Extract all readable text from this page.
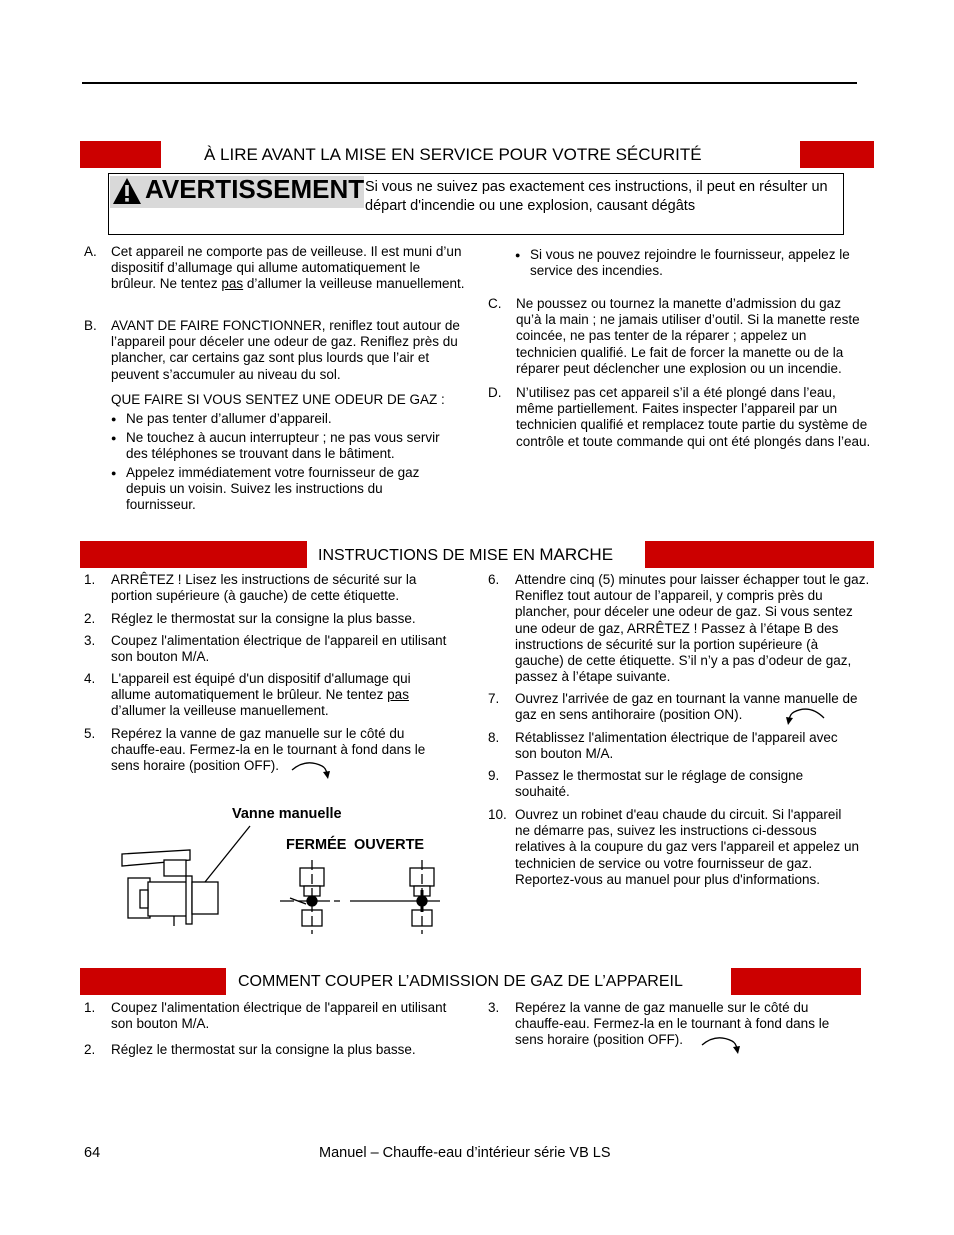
À LIRE AVANT LA MISE EN SERVICE POUR VOTRE SÉCURITÉ
AVERTISSEMENT Si vous ne suivez pas exactement ces instructions, il peut en résulter un départ d'incendie ou une explosion, causant dégâts
A. Cet appareil ne comporte pas de veilleuse. Il est muni d’un dispositif d’allumage qui allume automatiquement le brûleur. Ne tentez pas d’allumer la veilleuse manuellement.
B. AVANT DE FAIRE FONCTIONNER, reniflez tout autour de l’appareil pour déceler une odeur de gaz. Reniflez près du plancher, car certains gaz sont plus lourds que l’air et peuvent s’accumuler au niveau du sol.
QUE FAIRE SI VOUS SENTEZ UNE ODEUR DE GAZ :
● Ne pas tenter d’allumer d’appareil.
● Ne touchez à aucun interrupteur ; ne pas vous servir des téléphones se trouvant dans le bâtiment.
● Appelez immédiatement votre fournisseur de gaz depuis un voisin. Suivez les instructions du fournisseur.
● Si vous ne pouvez rejoindre le fournisseur, appelez le service des incendies.
C. Ne poussez ou tournez la manette d’admission du gaz qu’à la main ; ne jamais utiliser d’outil. Si la manette reste coincée, ne pas tenter de la réparer ; appelez un technicien qualifié. Le fait de forcer la manette ou de la réparer peut déclencher une explosion ou un incendie.
D. N’utilisez pas cet appareil s’il a été plongé dans l’eau, même partiellement. Faites inspecter l’appareil par un technicien qualifié et remplacez toute partie du système de contrôle et toute commande qui ont été plongés dans l’eau.
INSTRUCTIONS DE MISE EN MARCHE
1. ARRÊTEZ ! Lisez les instructions de sécurité sur la portion supérieure (à gauche) de cette étiquette.
2. Réglez le thermostat sur la consigne la plus basse.
3. Coupez l'alimentation électrique de l'appareil en utilisant son bouton M/A.
4. L'appareil est équipé d'un dispositif d'allumage qui allume automatiquement le brûleur. Ne tentez pas d’allumer la veilleuse manuellement.
5. Repérez la vanne de gaz manuelle sur le côté du chauffe-eau. Fermez-la en le tournant à fond dans le sens horaire (position OFF).
6. Attendre cinq (5) minutes pour laisser échapper tout le gaz. Reniflez tout autour de l’appareil, y compris près du plancher, pour déceler une odeur de gaz. Si vous sentez une odeur de gaz, ARRÊTEZ ! Passez à l’étape B des instructions de sécurité sur la portion supérieure (à gauche) de cette étiquette. S’il n’y a pas d’odeur de gaz, passez à l’étape suivante.
7. Ouvrez l'arrivée de gaz en tournant la vanne manuelle de gaz en sens antihoraire (position ON).
8. Rétablissez l'alimentation électrique de l'appareil avec son bouton M/A.
9. Passez le thermostat sur le réglage de consigne souhaité.
10. Ouvrez un robinet d'eau chaude du circuit. Si l'appareil ne démarre pas, suivez les instructions ci-dessous relatives à la coupure du gaz vers l'appareil et appelez un technicien de service ou votre fournisseur de gaz. Reportez-vous au manuel pour plus d'informations.
Vanne manuelle
FERMÉE OUVERTE
COMMENT COUPER L’ADMISSION DE GAZ DE L’APPAREIL
1. Coupez l'alimentation électrique de l'appareil en utilisant son bouton M/A.
2. Réglez le thermostat sur la consigne la plus basse.
3. Repérez la vanne de gaz manuelle sur le côté du chauffe-eau. Fermez-la en le tournant à fond dans le sens horaire (position OFF).
64	Manuel – Chauffe-eau d’intérieur série VB LS
